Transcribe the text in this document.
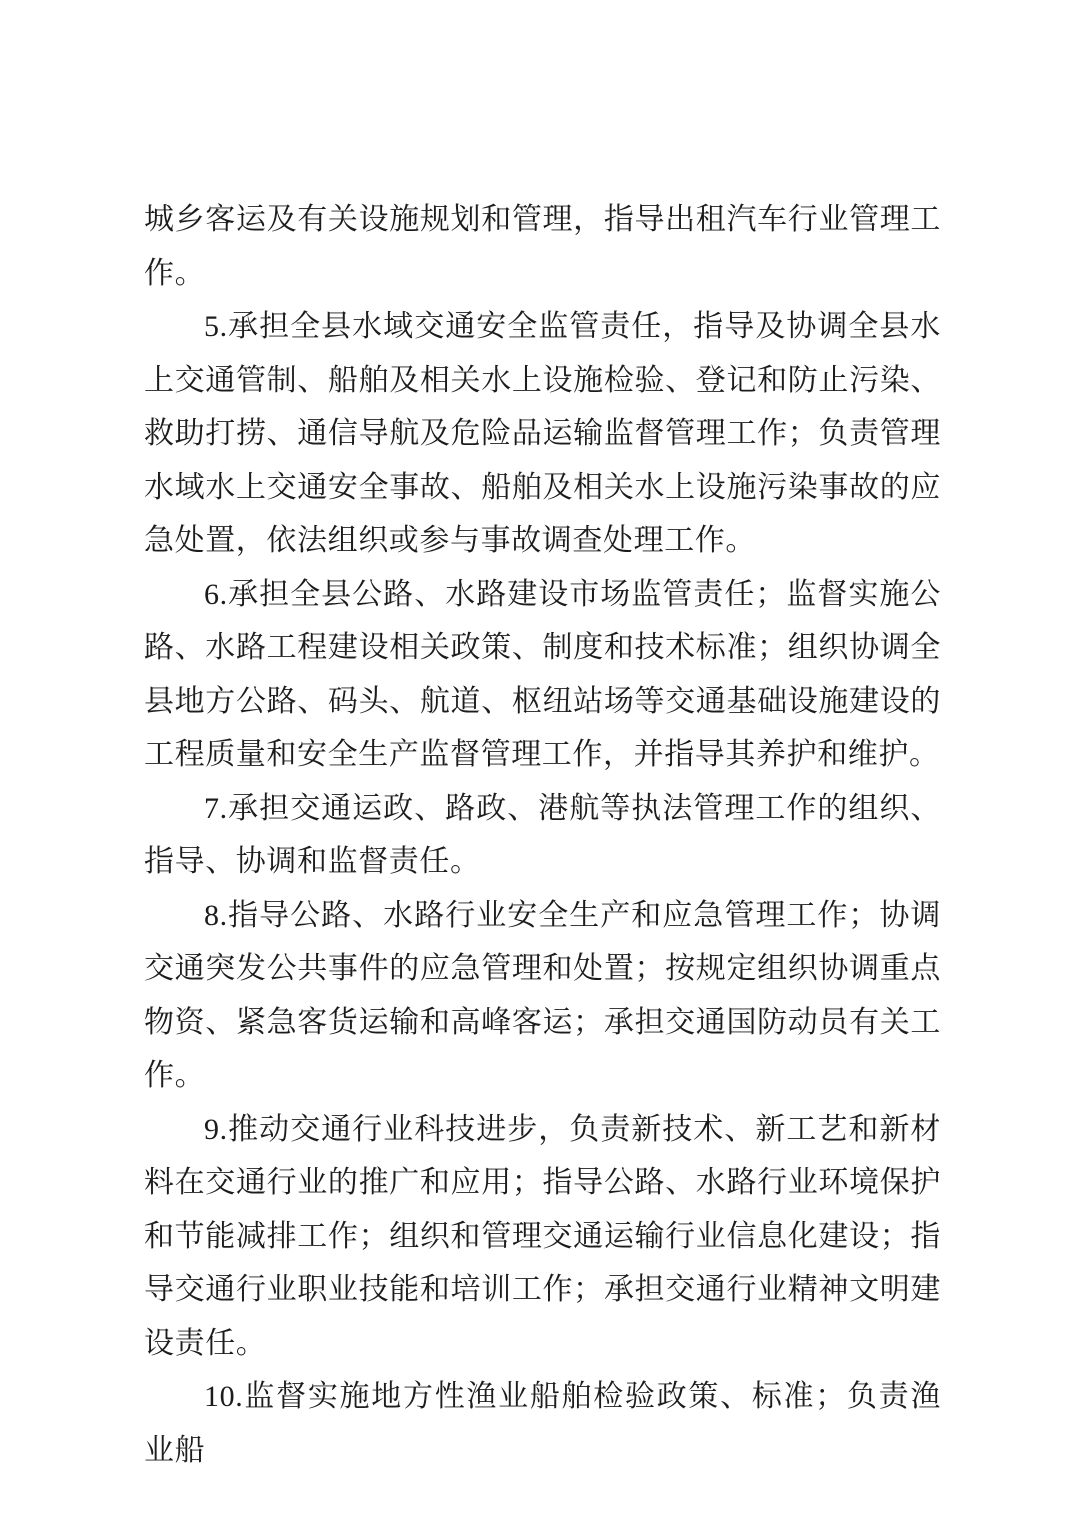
城乡客运及有关设施规划和管理，指导出租汽车行业管理工作。

5.承担全县水域交通安全监管责任，指导及协调全县水上交通管制、船舶及相关水上设施检验、登记和防止污染、救助打捞、通信导航及危险品运输监督管理工作；负责管理水域水上交通安全事故、船舶及相关水上设施污染事故的应急处置，依法组织或参与事故调查处理工作。

6.承担全县公路、水路建设市场监管责任；监督实施公路、水路工程建设相关政策、制度和技术标准；组织协调全县地方公路、码头、航道、枢纽站场等交通基础设施建设的工程质量和安全生产监督管理工作，并指导其养护和维护。

7.承担交通运政、路政、港航等执法管理工作的组织、指导、协调和监督责任。

8.指导公路、水路行业安全生产和应急管理工作；协调交通突发公共事件的应急管理和处置；按规定组织协调重点物资、紧急客货运输和高峰客运；承担交通国防动员有关工作。

9.推动交通行业科技进步，负责新技术、新工艺和新材料在交通行业的推广和应用；指导公路、水路行业环境保护和节能减排工作；组织和管理交通运输行业信息化建设；指导交通行业职业技能和培训工作；承担交通行业精神文明建设责任。

10.监督实施地方性渔业船舶检验政策、标准；负责渔业船
